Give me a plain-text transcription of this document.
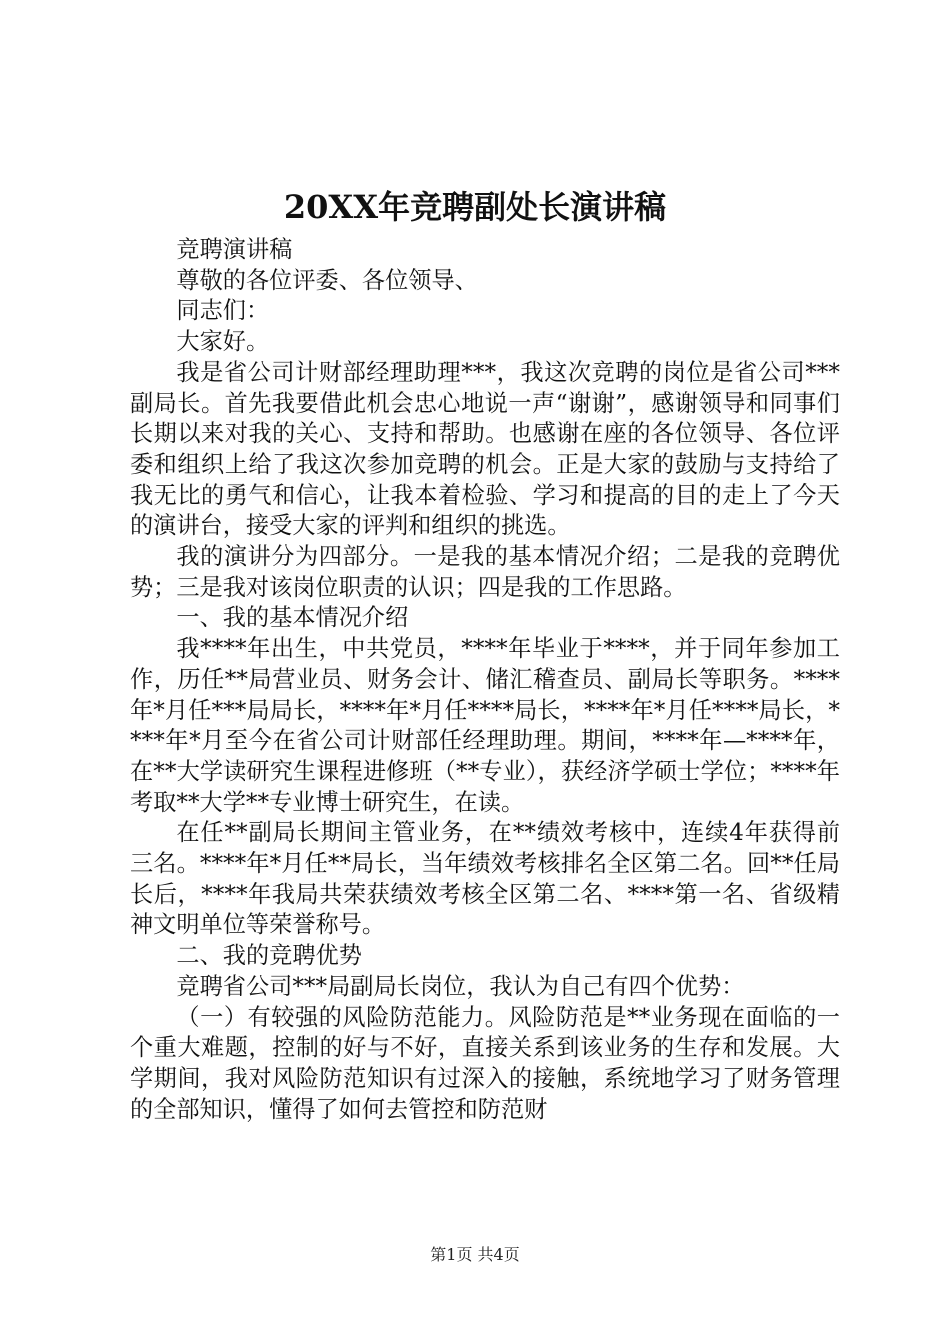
20XX年竞聘副处长演讲稿

竞聘演讲稿

尊敬的各位评委、各位领导、

同志们：

大家好。

我是省公司计财部经理助理***，我这次竞聘的岗位是省公司***副局长。首先我要借此机会忠心地说一声“谢谢”，感谢领导和同事们长期以来对我的关心、支持和帮助。也感谢在座的各位领导、各位评委和组织上给了我这次参加竞聘的机会。正是大家的鼓励与支持给了我无比的勇气和信心，让我本着检验、学习和提高的目的走上了今天的演讲台，接受大家的评判和组织的挑选。

我的演讲分为四部分。一是我的基本情况介绍；二是我的竞聘优势；三是我对该岗位职责的认识；四是我的工作思路。

一、我的基本情况介绍

我****年出生，中共党员，****年毕业于****，并于同年参加工作，历任**局营业员、财务会计、储汇稽查员、副局长等职务。****年*月任***局局长，****年*月任****局长，****年*月任****局长，****年*月至今在省公司计财部任经理助理。期间，****年—****年，在**大学读研究生课程进修班（**专业），获经济学硕士学位；****年考取**大学**专业博士研究生，在读。

在任**副局长期间主管业务，在**绩效考核中，连续4年获得前三名。****年*月任**局长，当年绩效考核排名全区第二名。回**任局长后，****年我局共荣获绩效考核全区第二名、****第一名、省级精神文明单位等荣誉称号。

二、我的竞聘优势

竞聘省公司***局副局长岗位，我认为自己有四个优势：

（一）有较强的风险防范能力。风险防范是**业务现在面临的一个重大难题，控制的好与不好，直接关系到该业务的生存和发展。大学期间，我对风险防范知识有过深入的接触，系统地学习了财务管理的全部知识，懂得了如何去管控和防范财

第1页 共4页
